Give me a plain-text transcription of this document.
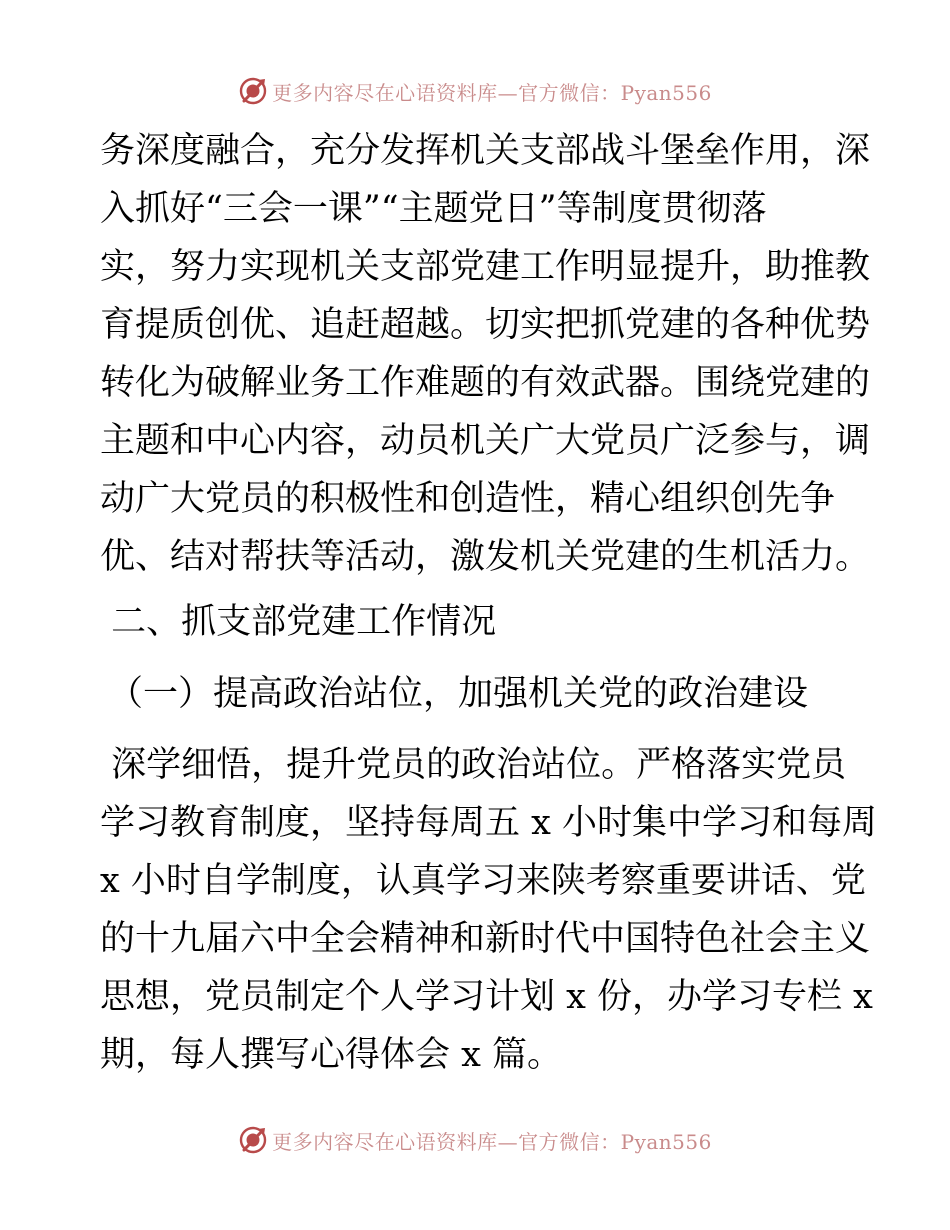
更多内容尽在心语资料库—官方微信：Pyan556
务深度融合，充分发挥机关支部战斗堡垒作用，深
入抓好“三会一课”“主题党日”等制度贯彻落
实，努力实现机关支部党建工作明显提升，助推教
育提质创优、追赶超越。切实把抓党建的各种优势
转化为破解业务工作难题的有效武器。围绕党建的
主题和中心内容，动员机关广大党员广泛参与，调
动广大党员的积极性和创造性，精心组织创先争
优、结对帮扶等活动，激发机关党建的生机活力。
二、抓支部党建工作情况
（一）提高政治站位，加强机关党的政治建设
深学细悟，提升党员的政治站位。严格落实党员
学习教育制度，坚持每周五 x 小时集中学习和每周
x 小时自学制度，认真学习来陕考察重要讲话、党
的十九届六中全会精神和新时代中国特色社会主义
思想，党员制定个人学习计划 x 份，办学习专栏 x
期，每人撰写心得体会 x 篇。
更多内容尽在心语资料库—官方微信：Pyan556
